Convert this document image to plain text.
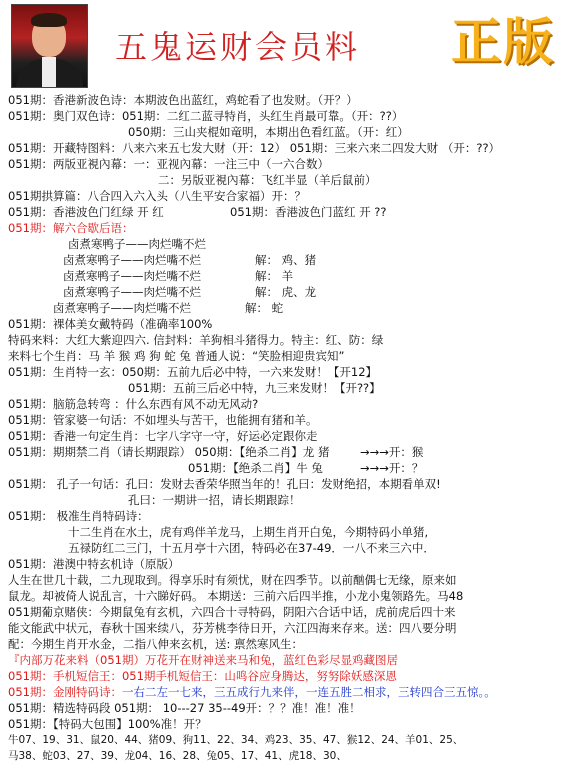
五鬼运财会员料 正版
051期：香港新波色诗：本期波色出蓝红，鸡蛇看了也发财。（开？）
051期：奥门双色诗：051期：二红二蓝寻特肖，头红生肖最可靠。（开：??）
050期：三山夹棍如竜明，本期出色看红蓝。（开：红）
051期：开藏特图料：八来六来五七发大财（开：12） 051期：三来六来二四发大财 （开：??）
051期：两版亚視內幕：一：亚视內幕：一注三中（一六合数）
二：另版亚視內幕：飞红半显（羊后鼠前）
051期拱算篇：八合四入六入头（八生平安合家福）开：？
051期：香港波色门红绿 开 红	051期：香港波色门蓝红 开 ??
051期：解六合歇后语：
卤煮寒鸭子——肉烂嘴不烂
卤煮寒鸭子——肉烂嘴不烂	解： 鸡、猪
卤煮寒鸭子——肉烂嘴不烂	解： 羊
卤煮寒鸭子——肉烂嘴不烂	解： 虎、龙
卤煮寒鸭子——肉烂嘴不烂	解： 蛇
051期：裸体美女戴特码（准确率100%
特码来料：大红大紫迎四六. 信封料：羊狗相斗猪得力。特主：红、防：绿
来料七个生肖：马 羊 猴 鸡 狗 蛇 兔 普通人说：“笑脸相迎贵宾知”
051期：生肖特一玄：050期：五前九后必中特，一六来发财！【开12】
051期：五前三后必中特，九三来发财！【开??】
051期：脑筋急转弯 ：什么东西有风不动无风动?
051期：管家婆一句话：不如埋头与苦干，也能拥有猪和羊。
051期：香港一句定生肖：七字八字守一守，好运必定跟你走
051期：期期禁二肖（请长期跟踪） 050期：【绝杀二肖】龙 猪	→→→开：猴
051期：【绝杀二肖】牛 兔	→→→开：？
051期： 孔子一句话：孔曰：发财去香荣华照当年的！孔曰：发财绝招，本期看单双!
孔曰：一期讲一招，请长期跟踪！
051期： 极准生肖特码诗：
十二生肖在水土，虎有鸡伴羊龙马，上期生肖开白兔，今期特码小单猪,
五禄防红二三门，十五月亭十六团，特码必在37-49．一八不来三六中．
051期：港澳中特玄机诗（原版）
人生在世几十载，二九现取到。得享乐时有须忧，财在四季节。以前酗偶七无缘，原来如
鼠龙。却被倚人说乱言，十六睇好码。 本期送：三前六后四半推，小龙小鬼领路先。马48
051期葡京赌侠：今期鼠兔有玄机，六四合十寻特码，阴阳六合话中话，虎前虎后四十来
能文能武中状元，春秋十国来续八，芬芳桃李待日开，六江四海来存来。送：四八要分明
配：今期生肖开水金，二指八伸来玄机，送: 禀然寒风生：
『内部万花来料（051期）万花开在财神送来马和兔，蓝红色彩尽显鸡藏图居
051期：手机短信王：051期手机短信王：山鸣谷应身腾达，努努除妖感深恩
051期：金刚特码诗：一右二左一七来，三五成行九来伴，一连五胜二相求，三转四合三五惊。。
051期：精选特码段 051期： 10---27 35--49开：？？准！准！准！
051期：【特码大包围】100%准！开？
牛07、19、31、鼠20、44、猪09、狗11、22、34、鸡23、35、47、猴12、24、羊01、25、
马38、蛇03、27、39、龙04、16、28、兔05、17、41、虎18、30、
